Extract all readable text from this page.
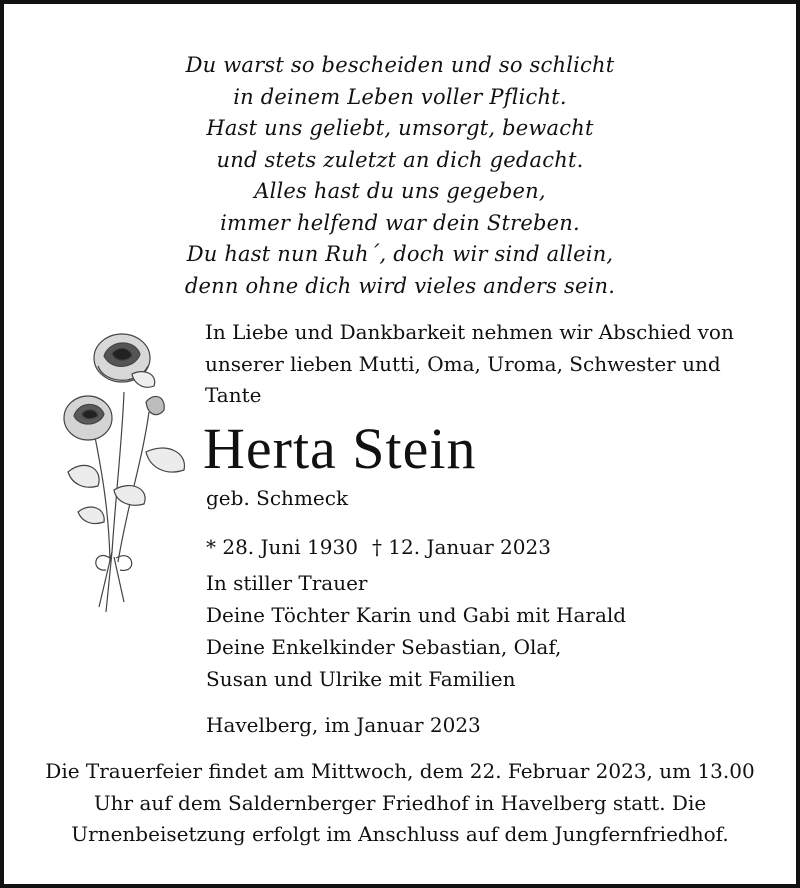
Du warst so bescheiden und so schlicht
in deinem Leben voller Pflicht.
Hast uns geliebt, umsorgt, bewacht
und stets zuletzt an dich gedacht.
Alles hast du uns gegeben,
immer helfend war dein Streben.
Du hast nun Ruh´, doch wir sind allein,
denn ohne dich wird vieles anders sein.
In Liebe und Dankbarkeit nehmen wir Abschied von
unserer lieben Mutti, Oma, Uroma, Schwester und
Tante
Herta Stein
geb. Schmeck
* 28. Juni 1930 † 12. Januar 2023
In stiller Trauer
Deine Töchter Karin und Gabi mit Harald
Deine Enkelkinder Sebastian, Olaf,
Susan und Ulrike mit Familien
Havelberg, im Januar 2023
Die Trauerfeier findet am Mittwoch, dem 22. Februar 2023, um 13.00
Uhr auf dem Saldernberger Friedhof in Havelberg statt. Die
Urnenbeisetzung erfolgt im Anschluss auf dem Jungfernfriedhof.
